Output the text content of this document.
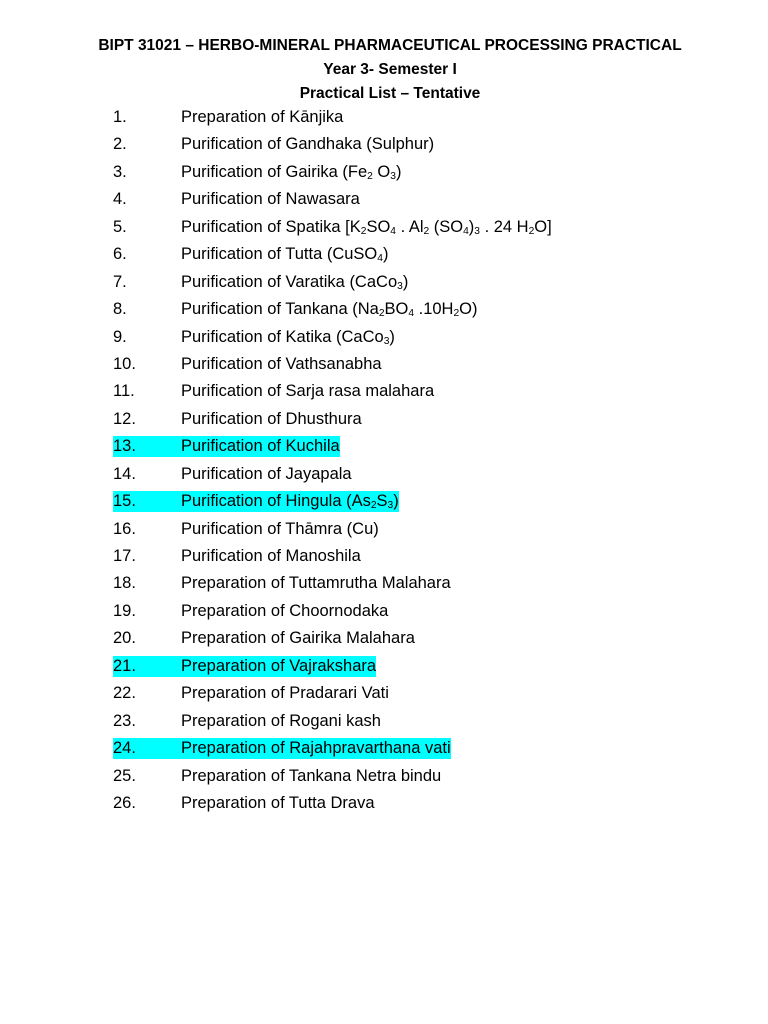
BIPT 31021 – HERBO-MINERAL PHARMACEUTICAL PROCESSING PRACTICAL
Year 3- Semester I
Practical List – Tentative
1.	Preparation of Kānjika
2.	Purification of Gandhaka (Sulphur)
3.	Purification of Gairika ($Fe_2$ $O_3$)
4.	Purification of Nawasara
5.	Purification of Spatika [$K_2SO_4$ . $Al_2$ $(SO_4)_3$ . 24 $H_2O$]
6.	Purification of Tutta (CuSO$_4$)
7.	Purification of Varatika (CaCo$_3$)
8.	Purification of Tankana ($Na_2BO_4$ $.10H_2O$)
9.	Purification of Katika (CaCo$_3$)
10.	Purification of Vathsanabha
11.	Purification of Sarja rasa malahara
12.	Purification of Dhusthura
13.	Purification of Kuchila
14.	Purification of Jayapala
15.	Purification of Hingula $(As_2S_3)$
16.	Purification of Thāmra (Cu)
17.	Purification of Manoshila
18.	Preparation of Tuttamrutha Malahara
19.	Preparation of Choornodaka
20.	Preparation of Gairika Malahara
21.	Preparation of Vajrakshara
22.	Preparation of Pradarari Vati
23.	Preparation of Rogani kash
24.	Preparation of Rajahpravarthana vati
25.	Preparation of Tankana Netra bindu
26.	Preparation of Tutta Drava
